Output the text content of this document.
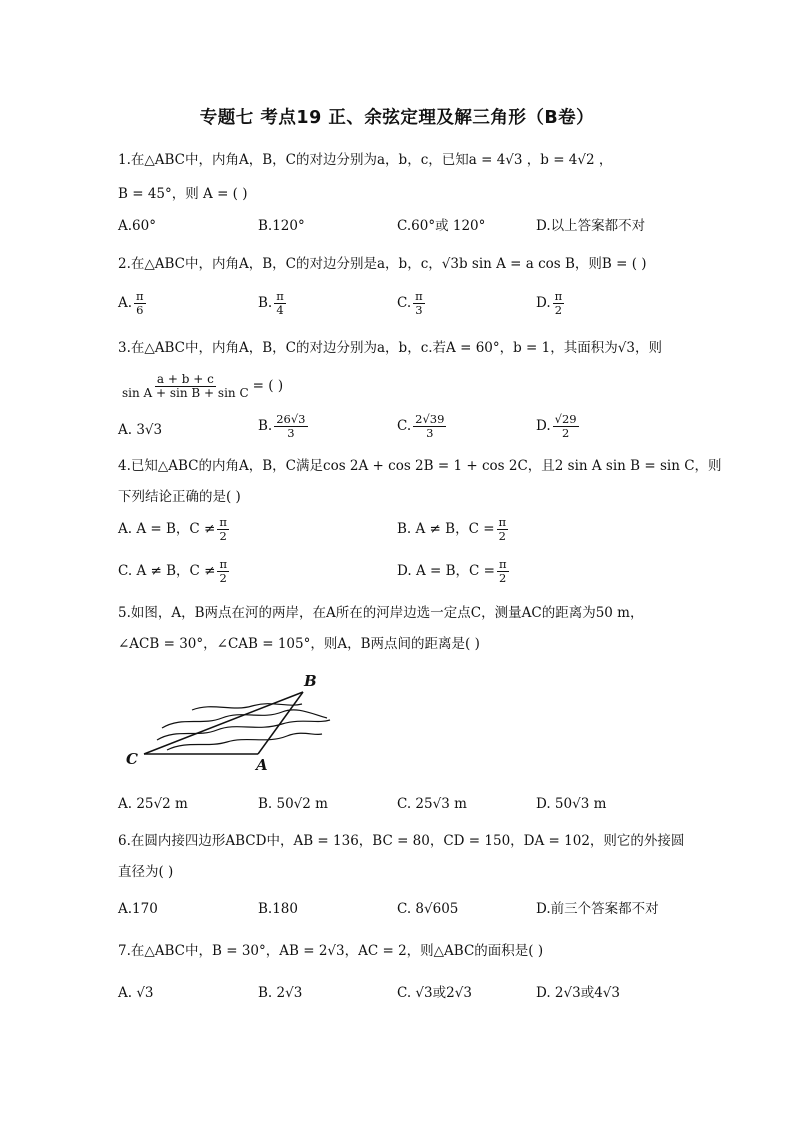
专题七 考点19 正、余弦定理及解三角形（B卷）
1.在△ABC中，内角A，B，C的对边分别为a，b，c，已知a = 4√3 ，b = 4√2 ，
B = 45°，则 A = ( )
A.60°	B.120°	C.60°或 120°	D.以上答案都不对
2.在△ABC中，内角A，B，C的对边分别是a，b，c，√3b sin A = a cos B，则B = ( )
A. $\frac{\pi}{6}$	B. $\frac{\pi}{4}$	C. $\frac{\pi}{3}$	D. $\frac{\pi}{2}$
3.在△ABC中，内角A，B，C的对边分别为a，b，c.若A = 60°，b = 1，其面积为√3，则
$\frac{a + b + c}{\text{sin A + sin B + sin C}}$ = ( )
A. 3√3	B. $\frac{26√3}{3}$	C. $\frac{2√39}{3}$	D. $\frac{√29}{2}$
4.已知△ABC的内角A，B，C满足cos 2A + cos 2B = 1 + cos 2C，且2 sin A sin B = sin C，则
下列结论正确的是( )
A. A = B，$C \ne \frac{\pi}{2}$	B. A ≠ B，$C = \frac{\pi}{2}$
C. A ≠ B，$C \ne \frac{\pi}{2}$	D. A = B，$C = \frac{\pi}{2}$
5.如图，A，B两点在河的两岸，在A所在的河岸边选一定点C，测量AC的距离为50 m，
∠ACB = 30°，∠CAB = 105°，则A，B两点间的距离是( )
B
C	A
A. 25√2 m	B. 50√2 m	C. 25√3 m	D. 50√3 m
6.在圆内接四边形ABCD中，AB = 136，BC = 80，CD = 150，DA = 102，则它的外接圆
直径为( )
A.170	B.180	C. 8√605	D.前三个答案都不对
7.在△ABC中，B = 30°，AB = 2√3，AC = 2，则△ABC的面积是( )
A. √3	B. 2√3	C. √3或2√3	D. 2√3或4√3
